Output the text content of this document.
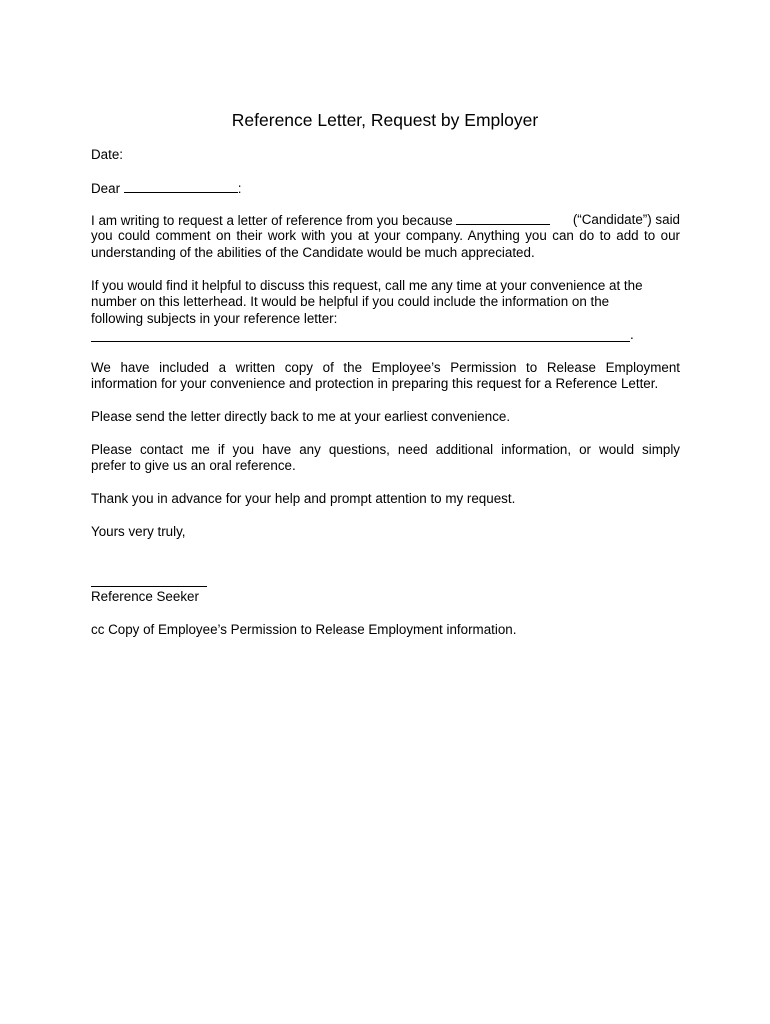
Reference Letter, Request by Employer
Date:
Dear	:
I am writing to request a letter of reference from you because	(“Candidate”) said
you could comment on their work with you at your company. Anything you can do to add to our
understanding of the abilities of the Candidate would be much appreciated.
If you would find it helpful to discuss this request, call me any time at your convenience at the
number on this letterhead. It would be helpful if you could include the information on the
following subjects in your reference letter:
.
We have included a written copy of the Employee’s Permission to Release Employment
information for your convenience and protection in preparing this request for a Reference Letter.
Please send the letter directly back to me at your earliest convenience.
Please contact me if you have any questions, need additional information, or would simply
prefer to give us an oral reference.
Thank you in advance for your help and prompt attention to my request.
Yours very truly,
Reference Seeker
cc Copy of Employee’s Permission to Release Employment information.
